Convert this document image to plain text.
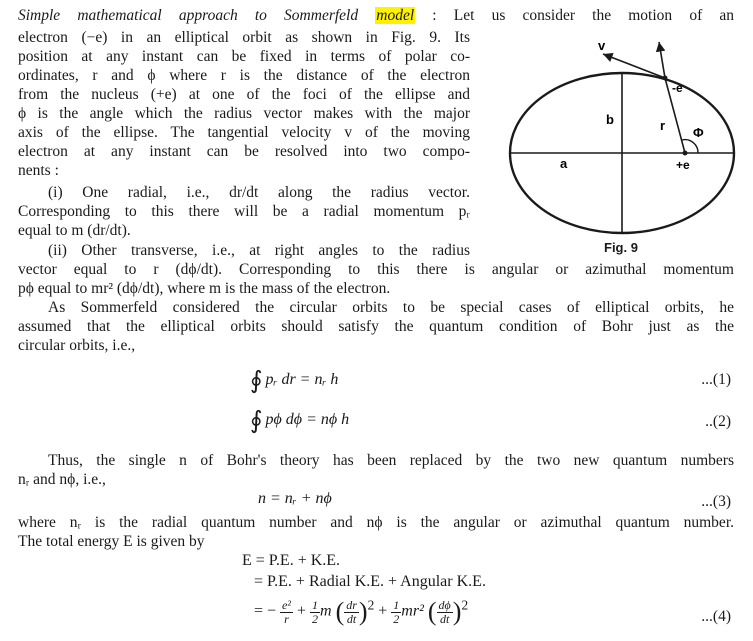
Simple mathematical approach to Sommerfeld model : Let us consider the motion of an
electron (−e) in an elliptical orbit as shown in Fig. 9. Its
position at any instant can be fixed in terms of polar co-
ordinates, r and ϕ where r is the distance of the electron
from the nucleus (+e) at one of the foci of the ellipse and
ϕ is the angle which the radius vector makes with the major
axis of the ellipse. The tangential velocity v of the moving
electron at any instant can be resolved into two compo-
nents :
(i) One radial, i.e., dr/dt along the radius vector.
Corresponding to this there will be a radial momentum pᵣ
equal to m (dr/dt).
(ii) Other transverse, i.e., at right angles to the radius
vector equal to r (dϕ/dt). Corresponding to this there is angular or azimuthal momentum
pϕ equal to mr² (dϕ/dt), where m is the mass of the electron.
As Sommerfeld considered the circular orbits to be special cases of elliptical orbits, he
assumed that the elliptical orbits should satisfy the quantum condition of Bohr just as the
circular orbits, i.e.,
∮ pᵣ dr = nᵣ h	...(1)
∮ pϕ dϕ = nϕ h	..(2)
Thus, the single n of Bohr's theory has been replaced by the two new quantum numbers
nᵣ and nϕ, i.e.,
n = nᵣ + nϕ	...(3)
where nᵣ is the radial quantum number and nϕ is the angular or azimuthal quantum number.
The total energy E is given by
E = P.E. + K.E.
= P.E. + Radial K.E. + Angular K.E.
= − $\frac{\text{e²}}{r} + \frac{1}{2}$ m ( $\frac{dr}{dt} )^2 + \frac{1}{2} mr^2$ ( $\frac{d\phi}{dt} )^2$
...(4)
v
-e
b	r Φ
a	+e
Fig. 9
